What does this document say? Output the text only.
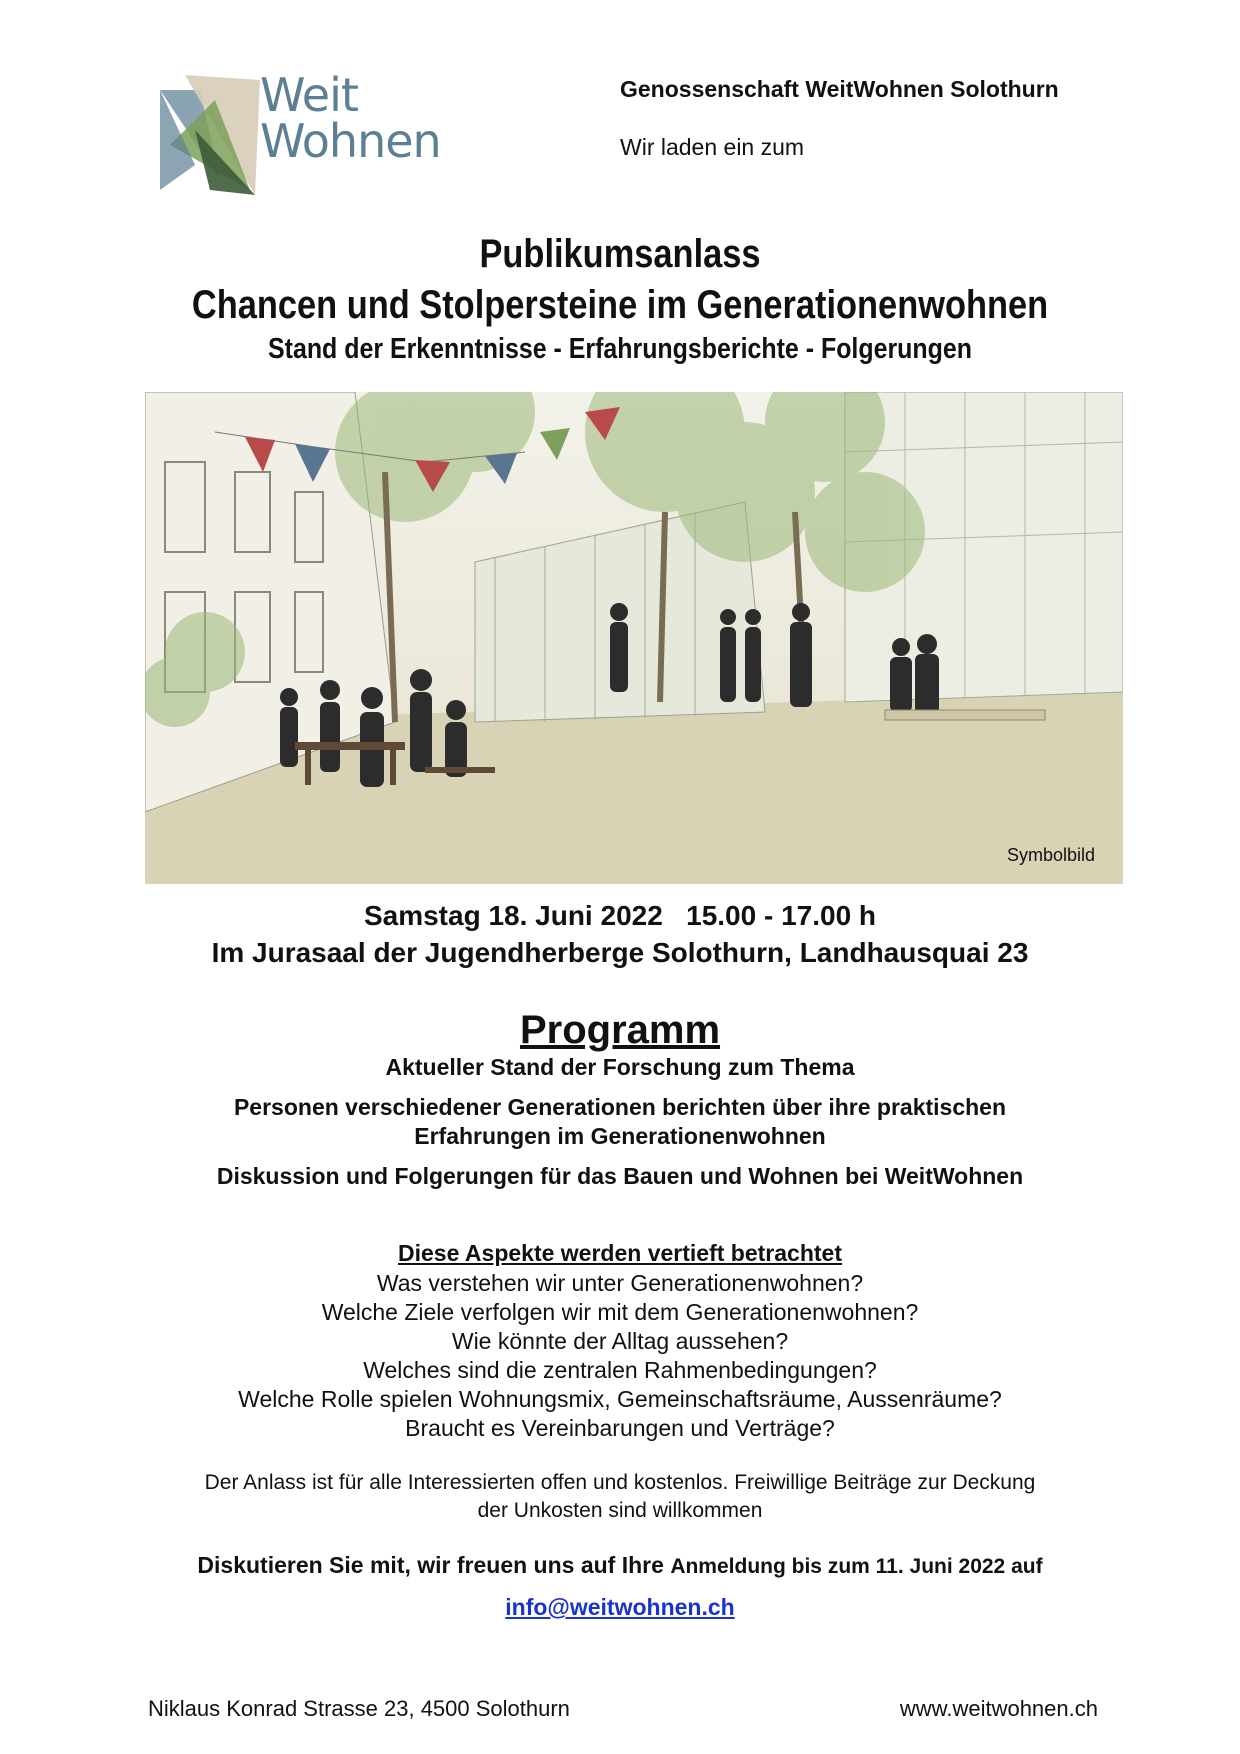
Weit
Wohnen
Genossenschaft WeitWohnen Solothurn
Wir laden ein zum
Publikumsanlass
Chancen und Stolpersteine im Generationenwohnen
Stand der Erkenntnisse - Erfahrungsberichte - Folgerungen
Symbolbild
Samstag 18. Juni 2022   15.00 - 17.00 h
Im Jurasaal der Jugendherberge Solothurn, Landhausquai 23
Programm
Aktueller Stand der Forschung zum Thema
Personen verschiedener Generationen berichten über ihre praktischen
Erfahrungen im Generationenwohnen
Diskussion und Folgerungen für das Bauen und Wohnen bei WeitWohnen
Diese Aspekte werden vertieft betrachtet
Was verstehen wir unter Generationenwohnen?
Welche Ziele verfolgen wir mit dem Generationenwohnen?
Wie könnte der Alltag aussehen?
Welches sind die zentralen Rahmenbedingungen?
Welche Rolle spielen Wohnungsmix, Gemeinschaftsräume, Aussenräume?
Braucht es Vereinbarungen und Verträge?
Der Anlass ist für alle Interessierten offen und kostenlos. Freiwillige Beiträge zur Deckung
der Unkosten sind willkommen
Diskutieren Sie mit, wir freuen uns auf Ihre Anmeldung bis zum 11. Juni 2022 auf
info@weitwohnen.ch
Niklaus Konrad Strasse 23, 4500 Solothurn	www.weitwohnen.ch
